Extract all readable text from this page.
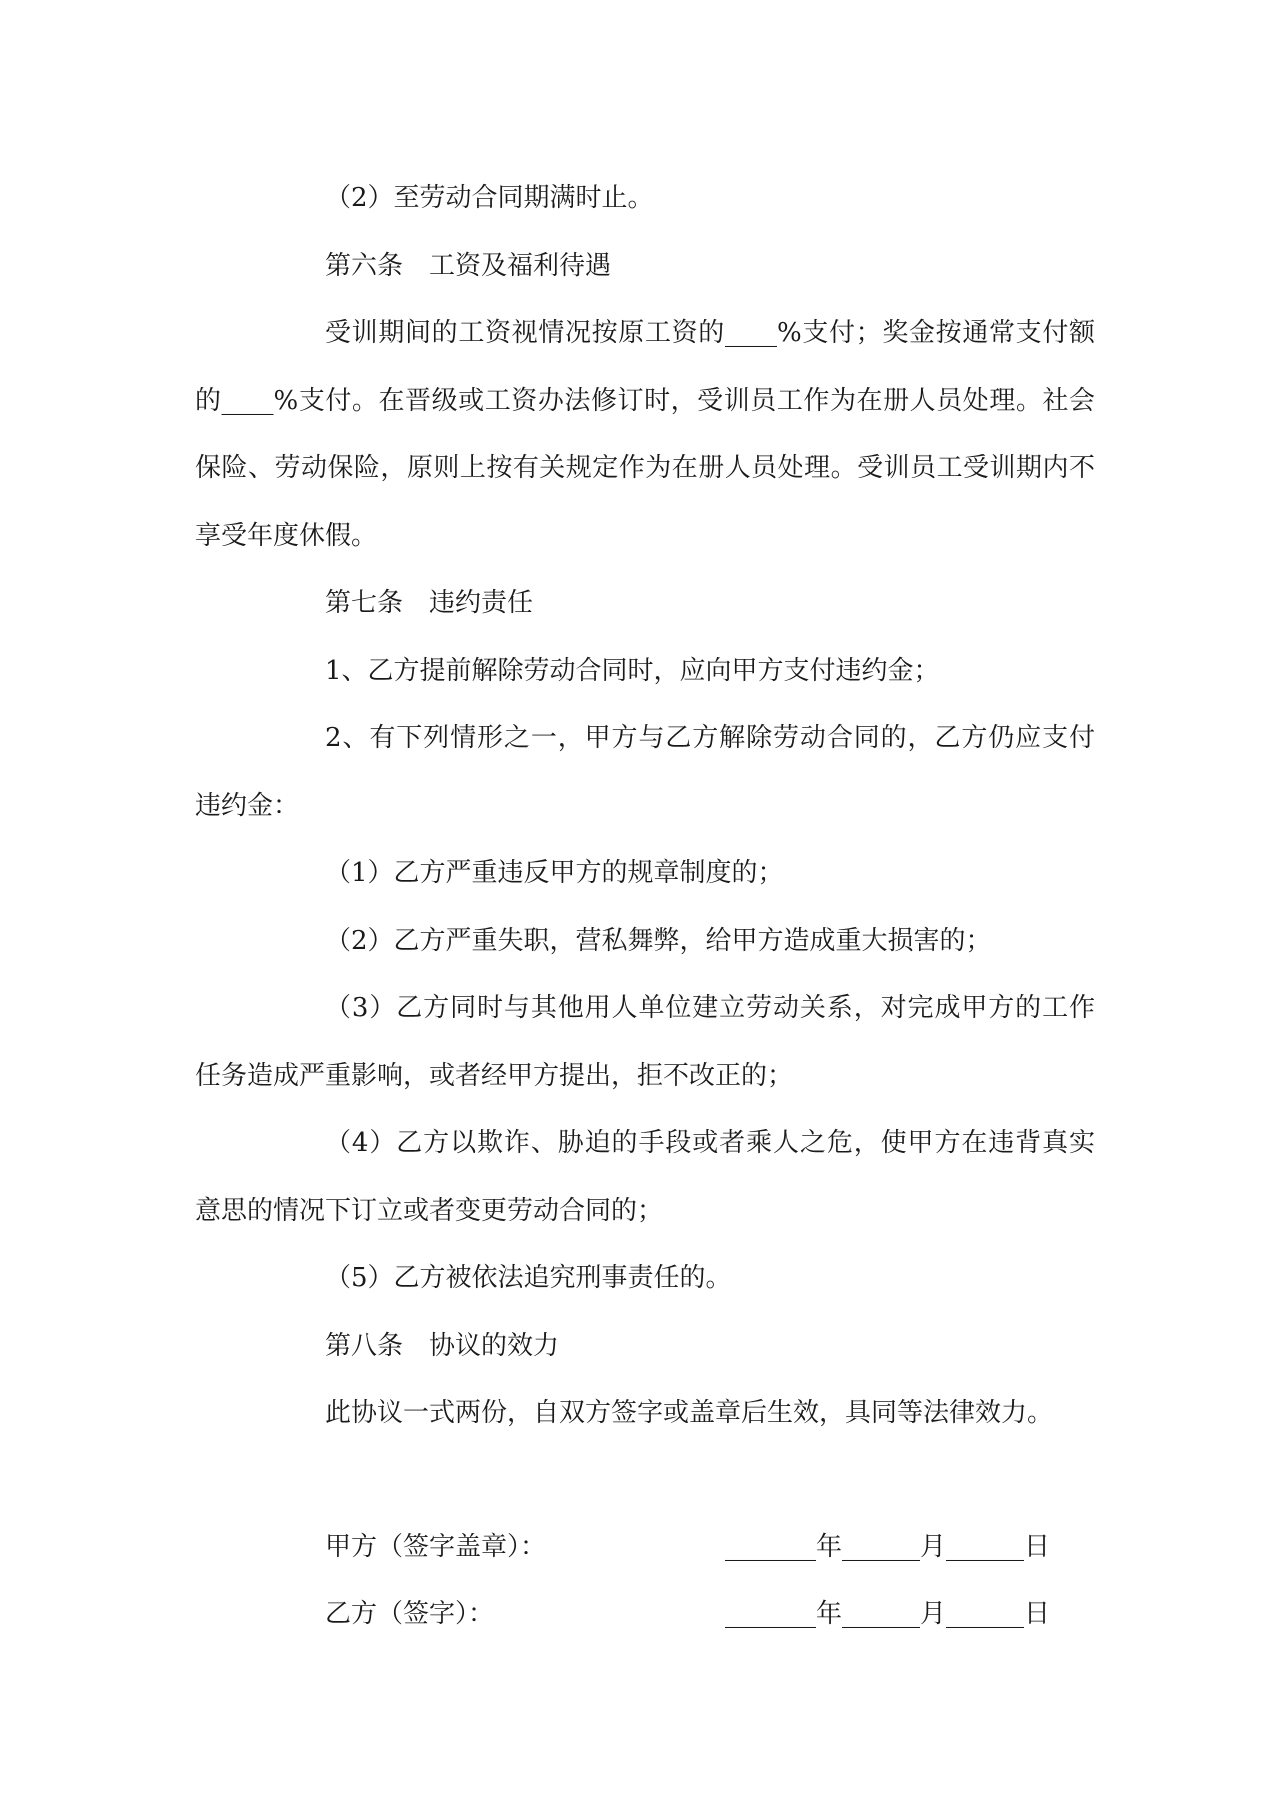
（2）至劳动合同期满时止。

第六条　工资及福利待遇

受训期间的工资视情况按原工资的____%支付；奖金按通常支付额的____%支付。在晋级或工资办法修订时，受训员工作为在册人员处理。社会保险、劳动保险，原则上按有关规定作为在册人员处理。受训员工受训期内不享受年度休假。

第七条　违约责任

1、乙方提前解除劳动合同时，应向甲方支付违约金；

2、有下列情形之一，甲方与乙方解除劳动合同的，乙方仍应支付违约金：

（1）乙方严重违反甲方的规章制度的；

（2）乙方严重失职，营私舞弊，给甲方造成重大损害的；

（3）乙方同时与其他用人单位建立劳动关系，对完成甲方的工作任务造成严重影响，或者经甲方提出，拒不改正的；

（4）乙方以欺诈、胁迫的手段或者乘人之危，使甲方在违背真实意思的情况下订立或者变更劳动合同的；

（5）乙方被依法追究刑事责任的。

第八条　协议的效力

此协议一式两份，自双方签字或盖章后生效，具同等法律效力。

甲方（签字盖章）：	_______年______月______日
乙方（签字）：	_______年______月______日
